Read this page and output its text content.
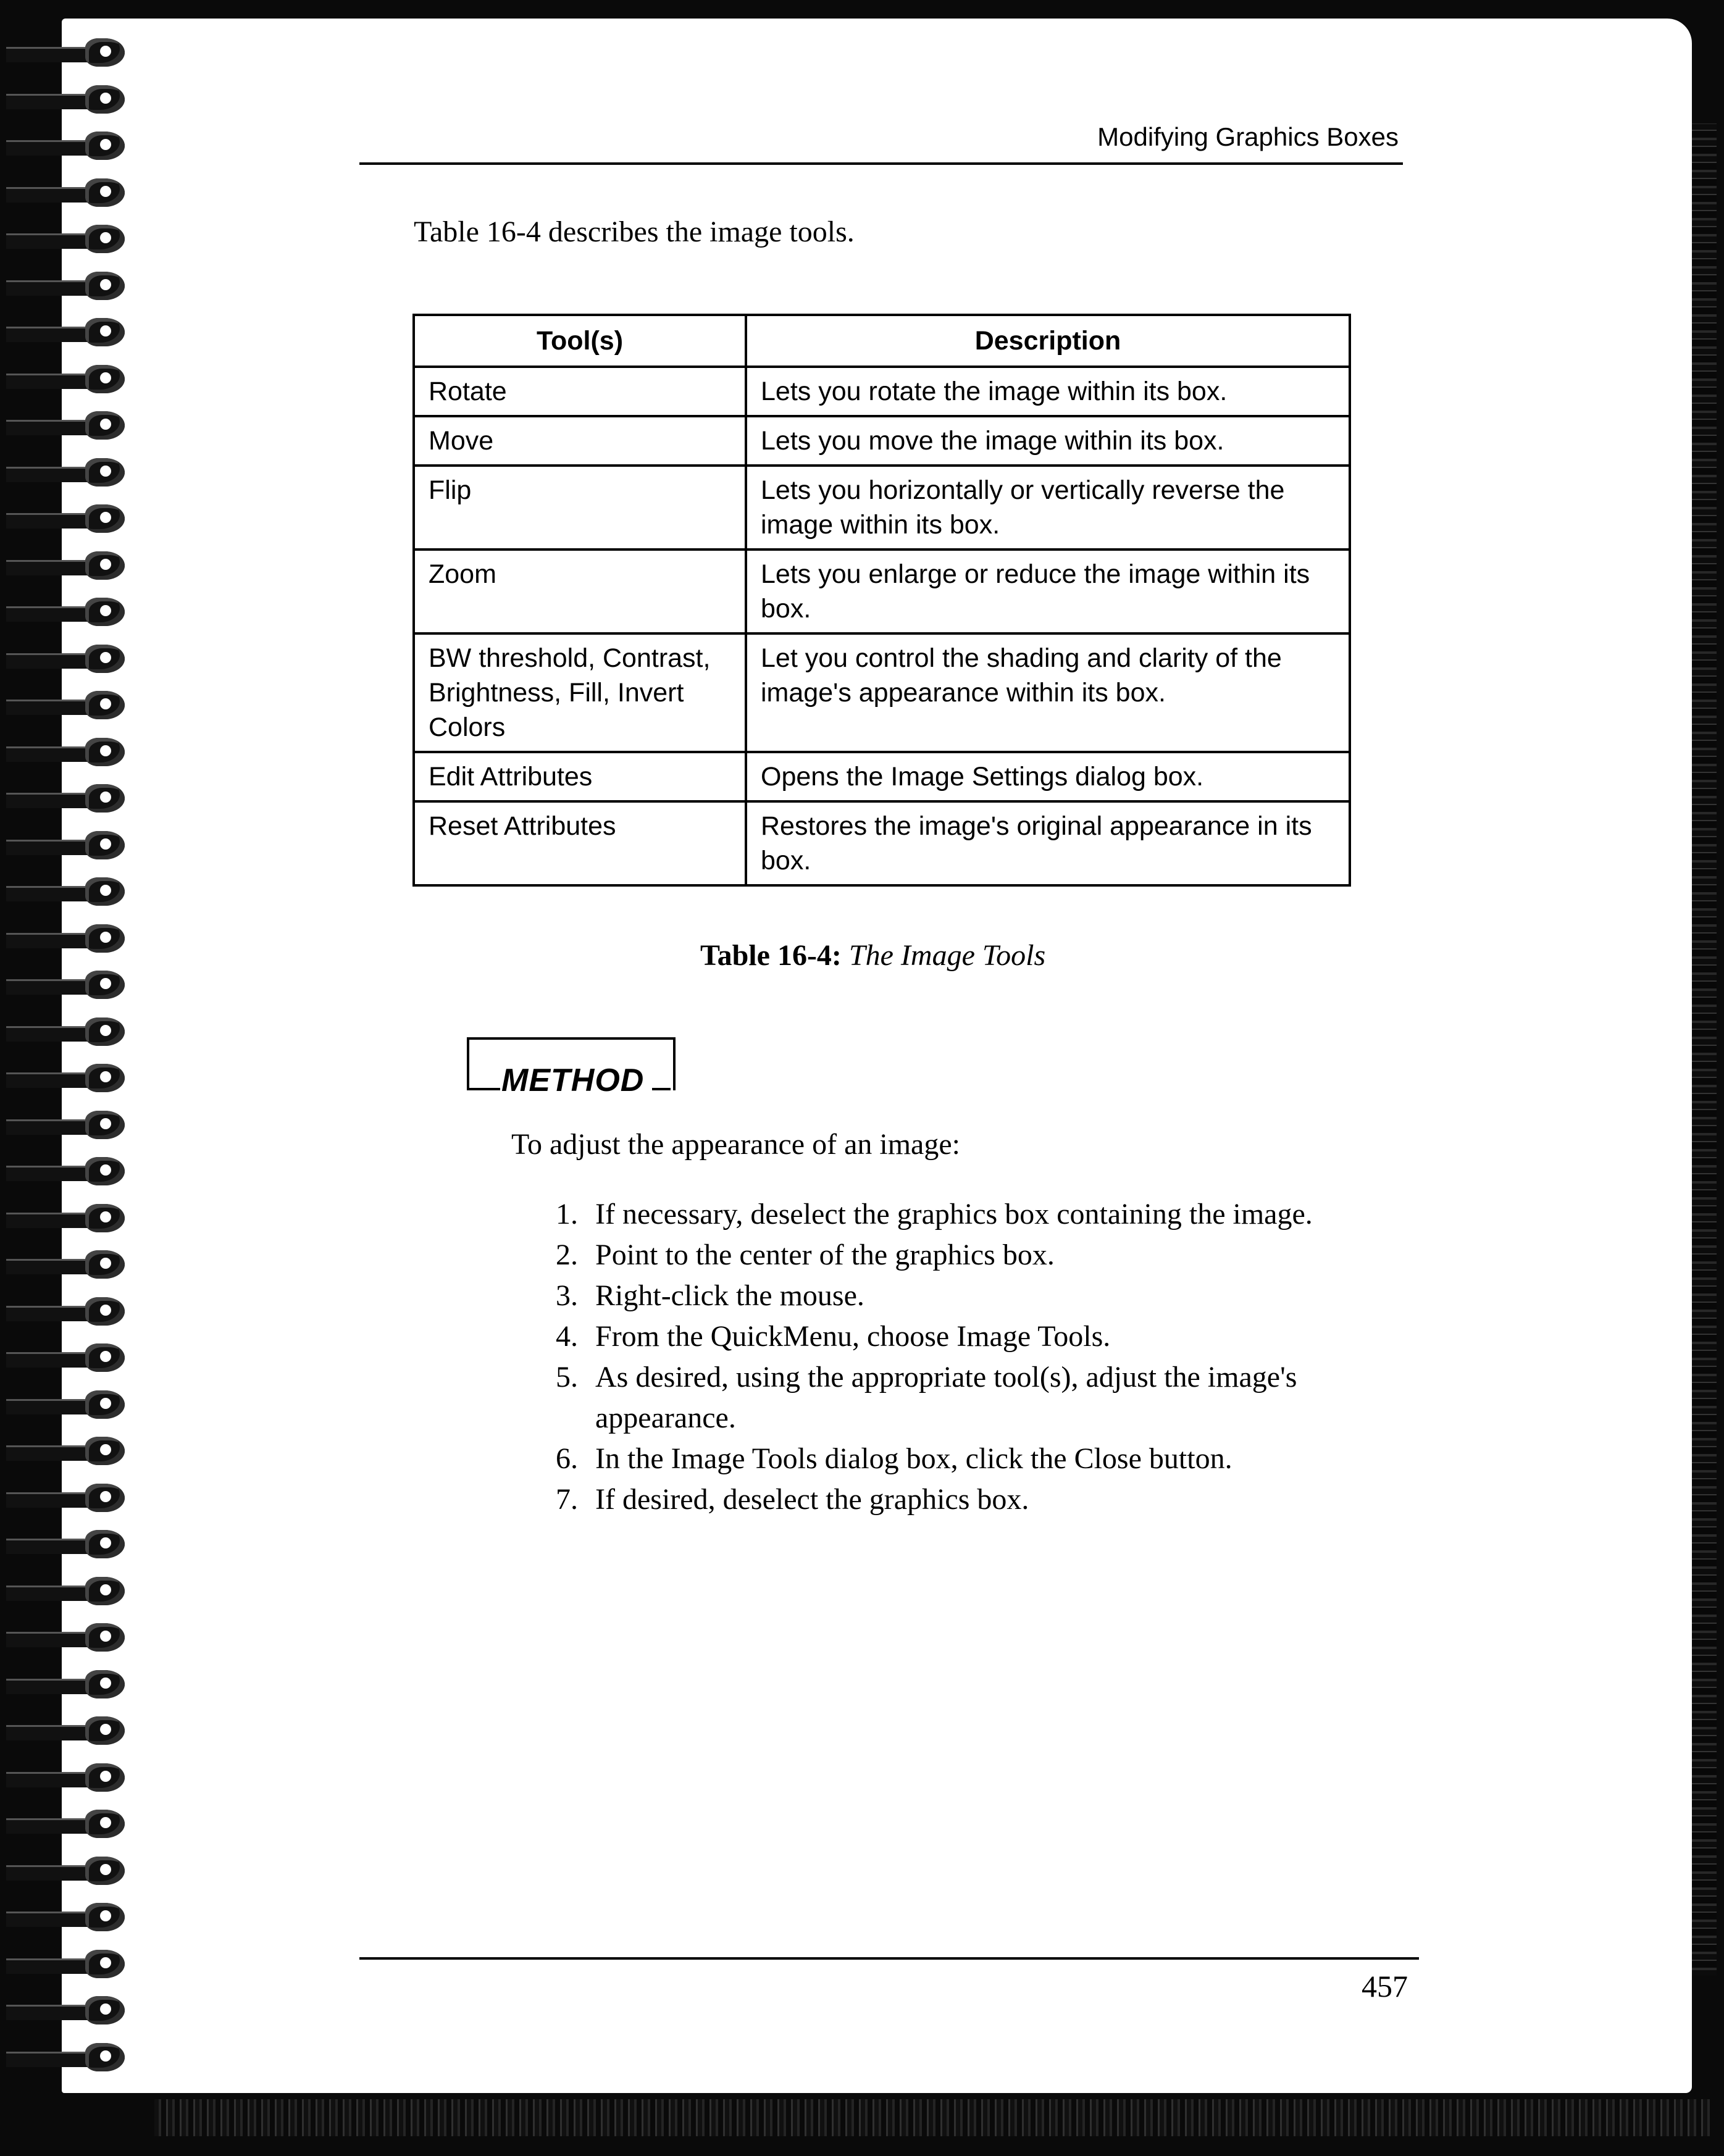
Modifying Graphics Boxes
Table 16-4 describes the image tools.
Tool(s)	Description
Rotate	Lets you rotate the image within its box.
Move	Lets you move the image within its box.
Flip	Lets you horizontally or vertically reverse the image within its box.
Zoom	Lets you enlarge or reduce the image within its box.
BW threshold, Contrast, Brightness, Fill, Invert Colors	Let you control the shading and clarity of the image's appearance within its box.
Edit Attributes	Opens the Image Settings dialog box.
Reset Attributes	Restores the image's original appearance in its box.
Table 16-4: The Image Tools
METHOD
To adjust the appearance of an image:
1. If necessary, deselect the graphics box containing the image.
2. Point to the center of the graphics box.
3. Right-click the mouse.
4. From the QuickMenu, choose Image Tools.
5. As desired, using the appropriate tool(s), adjust the image's appearance.
6. In the Image Tools dialog box, click the Close button.
7. If desired, deselect the graphics box.
457
